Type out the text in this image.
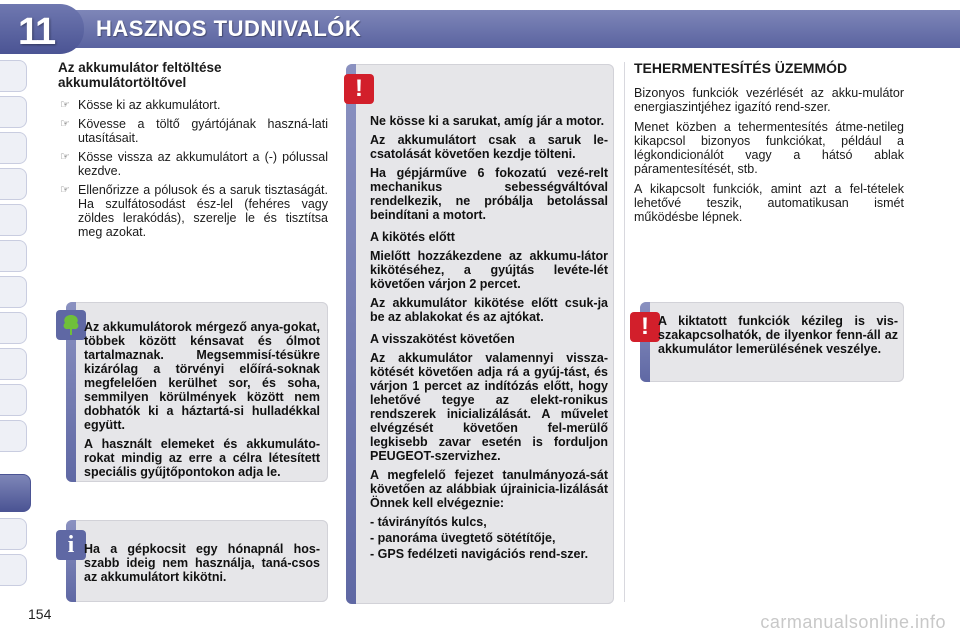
11	HASZNOS TUDNIVALÓK
Az akkumulátor feltöltése akkumulátortöltővel
☞ Kösse ki az akkumulátort.
☞ Kövesse a töltő gyártójának haszná-lati utasításait.
☞ Kösse vissza az akkumulátort a (-) pólussal kezdve.
☞ Ellenőrizze a pólusok és a saruk tisztaságát. Ha szulfátosodást ész-lel (fehéres vagy zöldes lerakódás), szerelje le és tisztítsa meg azokat.

Az akkumulátorok mérgező anya-gokat, többek között kénsavat és ólmot tartalmaznak. Megsemmisí-tésükre kizárólag a törvényi előírá-soknak megfelelően kerülhet sor, és soha, semmilyen körülmények között nem dobhatók ki a háztartá-si hulladékkal együtt.

A használt elemeket és akkumuláto-rokat mindig az erre a célra létesített speciális gyűjtőpontokon adja le.

i Ha a gépkocsit egy hónapnál hos-szabb ideig nem használja, taná-csos az akkumulátort kikötni.
!

Ne kösse ki a sarukat, amíg jár a motor.

Az akkumulátort csak a saruk le-csatolását követően kezdje tölteni.

Ha gépjárműve 6 fokozatú vezé-relt mechanikus sebességváltóval rendelkezik, ne próbálja betolással beindítani a motort.

A kikötés előtt

Mielőtt hozzákezdene az akkumu-látor kikötéséhez, a gyújtás levéte-lét követően várjon 2 percet.

Az akkumulátor kikötése előtt csuk-ja be az ablakokat és az ajtókat.

A visszakötést követően

Az akkumulátor valamennyi vissza-kötését követően adja rá a gyúj-tást, és várjon 1 percet az indítózás előtt, hogy lehetővé tegye az elekt-ronikus rendszerek inicializálását. A művelet elvégzését követően fel-merülő legkisebb zavar esetén is forduljon PEUGEOT-szervizhez.

A megfelelő fejezet tanulmányozá-sát követően az alábbiak újrainicia-lizálását Önnek kell elvégeznie:

- távirányítós kulcs,

- panoráma üvegtető sötétítője,

- GPS fedélzeti navigációs rend-szer.

TEHERMENTESÍTÉS ÜZEMMÓD

Bizonyos funkciók vezérlését az akku-mulátor energiaszintjéhez igazító rend-szer.

Menet közben a tehermentesítés átme-netileg kikapcsol bizonyos funkciókat, például a légkondicionálót vagy a hátsó ablak páramentesítését, stb.

A kikapcsolt funkciók, amint azt a fel-tételek lehetővé teszik, automatikusan ismét működésbe lépnek.

! A kiktatott funkciók kézileg is vis-szakapcsolhatók, de ilyenkor fenn-áll az akkumulátor lemerülésének veszélye.
154	carmanualsonline.info
